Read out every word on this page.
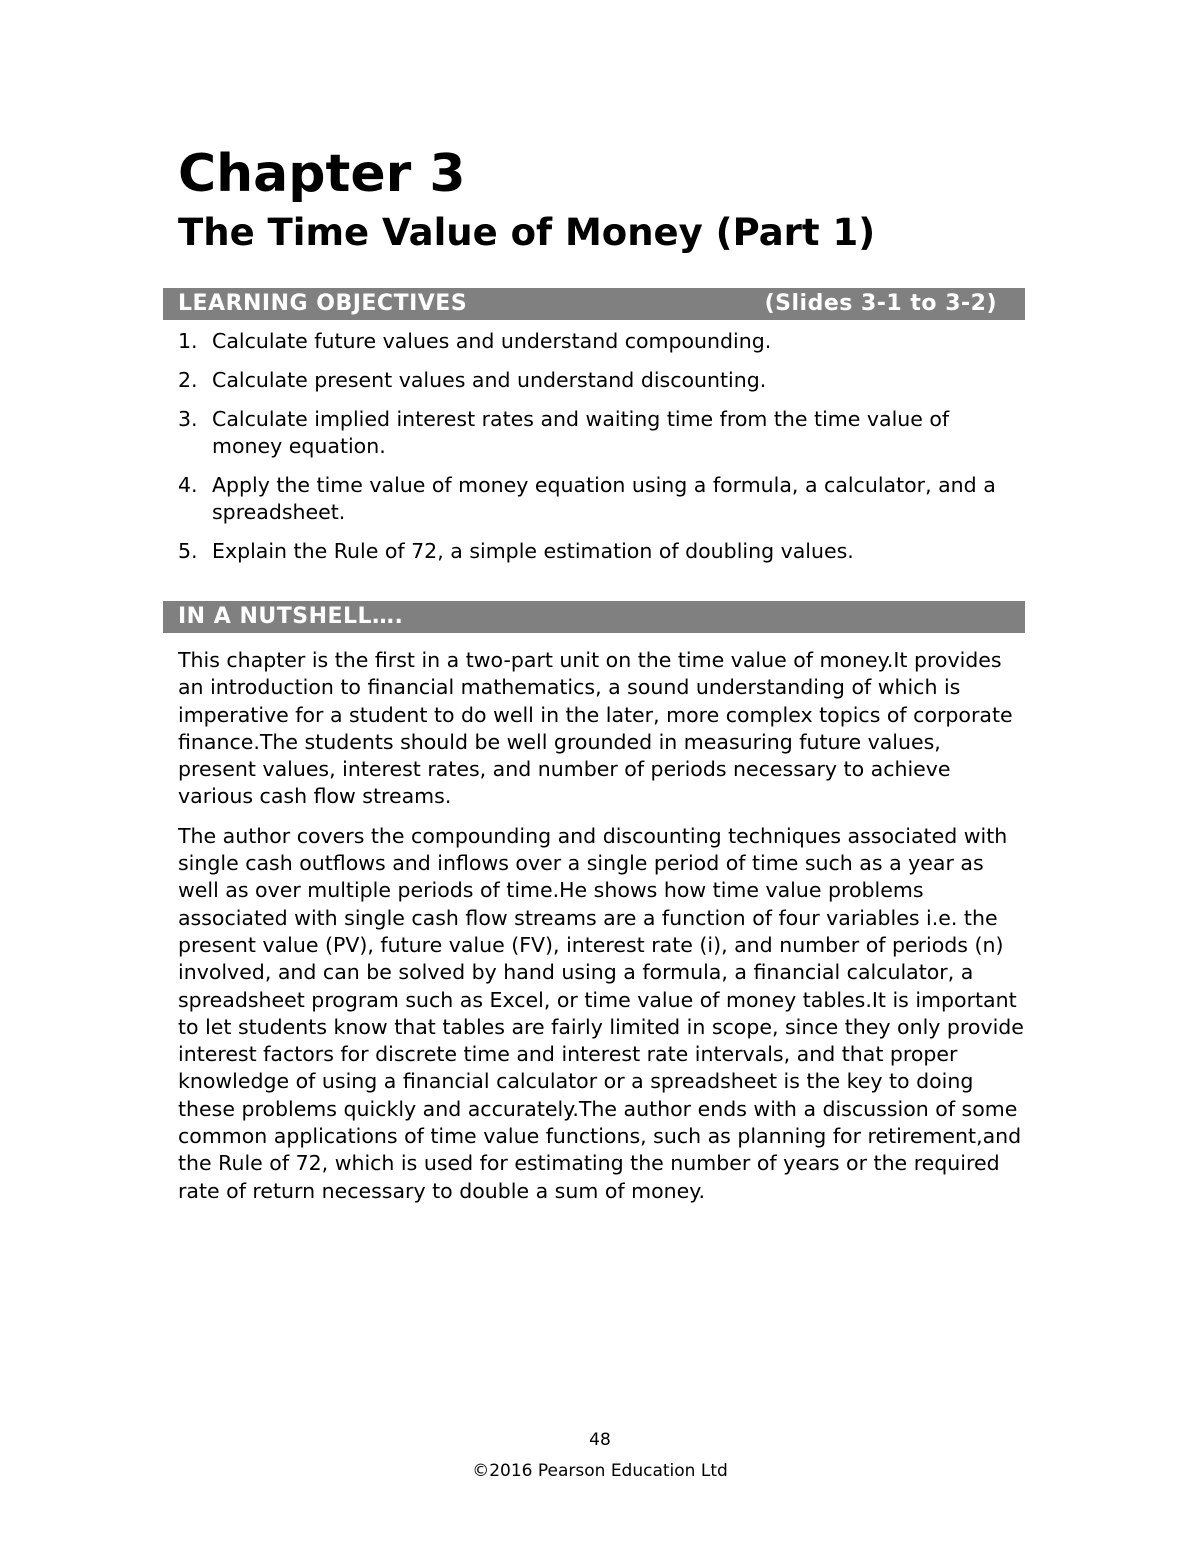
Chapter 3
The Time Value of Money (Part 1)
LEARNING OBJECTIVES	(Slides 3-1 to 3-2)
1. Calculate future values and understand compounding.
2. Calculate present values and understand discounting.
3. Calculate implied interest rates and waiting time from the time value of money equation.
4. Apply the time value of money equation using a formula, a calculator, and a spreadsheet.
5. Explain the Rule of 72, a simple estimation of doubling values.
IN A NUTSHELL….

This chapter is the first in a two-part unit on the time value of money.It provides an introduction to financial mathematics, a sound understanding of which is imperative for a student to do well in the later, more complex topics of corporate finance.The students should be well grounded in measuring future values, present values, interest rates, and number of periods necessary to achieve various cash flow streams.

The author covers the compounding and discounting techniques associated with single cash outflows and inflows over a single period of time such as a year as well as over multiple periods of time.He shows how time value problems associated with single cash flow streams are a function of four variables i.e. the present value (PV), future value (FV), interest rate (i), and number of periods (n) involved, and can be solved by hand using a formula, a financial calculator, a spreadsheet program such as Excel, or time value of money tables.It is important to let students know that tables are fairly limited in scope, since they only provide interest factors for discrete time and interest rate intervals, and that proper knowledge of using a financial calculator or a spreadsheet is the key to doing these problems quickly and accurately.The author ends with a discussion of some common applications of time value functions, such as planning for retirement,and the Rule of 72, which is used for estimating the number of years or the required rate of return necessary to double a sum of money.

48
©2016 Pearson Education Ltd
